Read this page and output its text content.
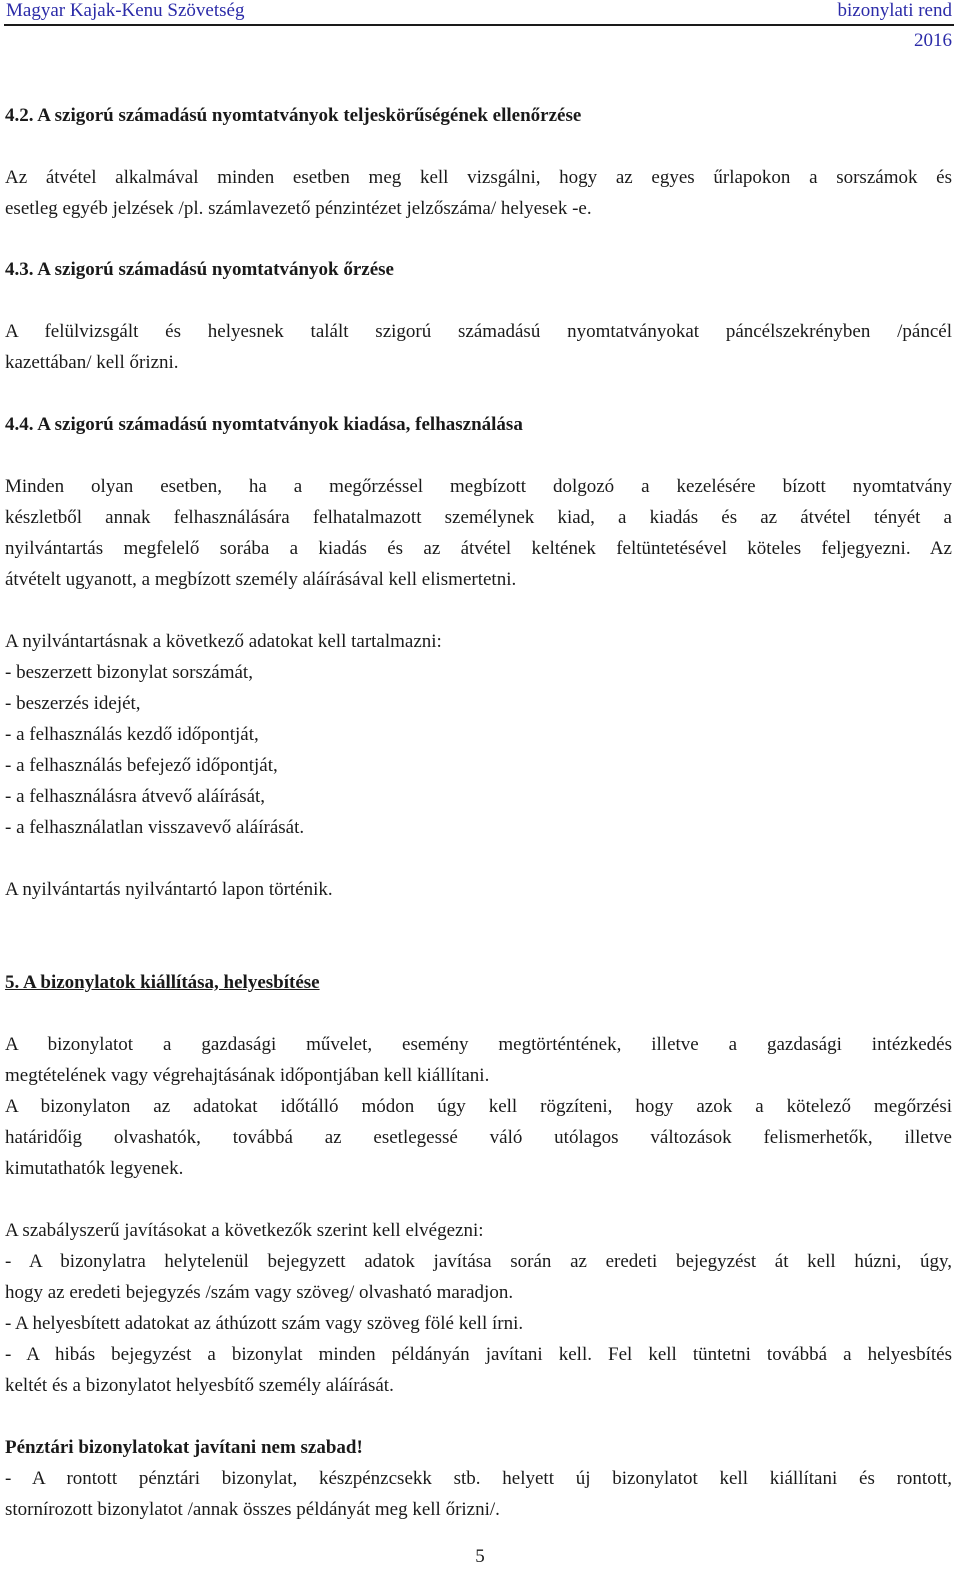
Magyar Kajak-Kenu Szövetség	bizonylati rend
2016

4.2. A szigorú számadású nyomtatványok teljeskörűségének ellenőrzése

Az átvétel alkalmával minden esetben meg kell vizsgálni, hogy az egyes űrlapokon a sorszámok és

esetleg egyéb jelzések /pl. számlavezető pénzintézet jelzőszáma/ helyesek -e.

4.3. A szigorú számadású nyomtatványok őrzése

A felülvizsgált és helyesnek talált szigorú számadású nyomtatványokat páncélszekrényben /páncél

kazettában/ kell őrizni.

4.4. A szigorú számadású nyomtatványok kiadása, felhasználása

Minden olyan esetben, ha a megőrzéssel megbízott dolgozó a kezelésére bízott nyomtatvány

készletből annak felhasználására felhatalmazott személynek kiad, a kiadás és az átvétel tényét a

nyilvántartás megfelelő sorába a kiadás és az átvétel keltének feltüntetésével köteles feljegyezni. Az

átvételt ugyanott, a megbízott személy aláírásával kell elismertetni.

A nyilvántartásnak a következő adatokat kell tartalmazni:

- beszerzett bizonylat sorszámát,

- beszerzés idejét,

- a felhasználás kezdő időpontját,

- a felhasználás befejező időpontját,

- a felhasználásra átvevő aláírását,

- a felhasználatlan visszavevő aláírását.

A nyilvántartás nyilvántartó lapon történik.

5. A bizonylatok kiállítása, helyesbítése

A bizonylatot a gazdasági művelet, esemény megtörténtének, illetve a gazdasági intézkedés

megtételének vagy végrehajtásának időpontjában kell kiállítani.

A bizonylaton az adatokat időtálló módon úgy kell rögzíteni, hogy azok a kötelező megőrzési

határidőig olvashatók, továbbá az esetlegessé váló utólagos változások felismerhetők, illetve

kimutathatók legyenek.

A szabályszerű javításokat a következők szerint kell elvégezni:

- A bizonylatra helytelenül bejegyzett adatok javítása során az eredeti bejegyzést át kell húzni, úgy,

hogy az eredeti bejegyzés /szám vagy szöveg/ olvasható maradjon.

- A helyesbített adatokat az áthúzott szám vagy szöveg fölé kell írni.

- A hibás bejegyzést a bizonylat minden példányán javítani kell. Fel kell tüntetni továbbá a helyesbítés

keltét és a bizonylatot helyesbítő személy aláírását.

Pénztári bizonylatokat javítani nem szabad!

- A rontott pénztári bizonylat, készpénzcsekk stb. helyett új bizonylatot kell kiállítani és rontott,

stornírozott bizonylatot /annak összes példányát meg kell őrizni/.

5
